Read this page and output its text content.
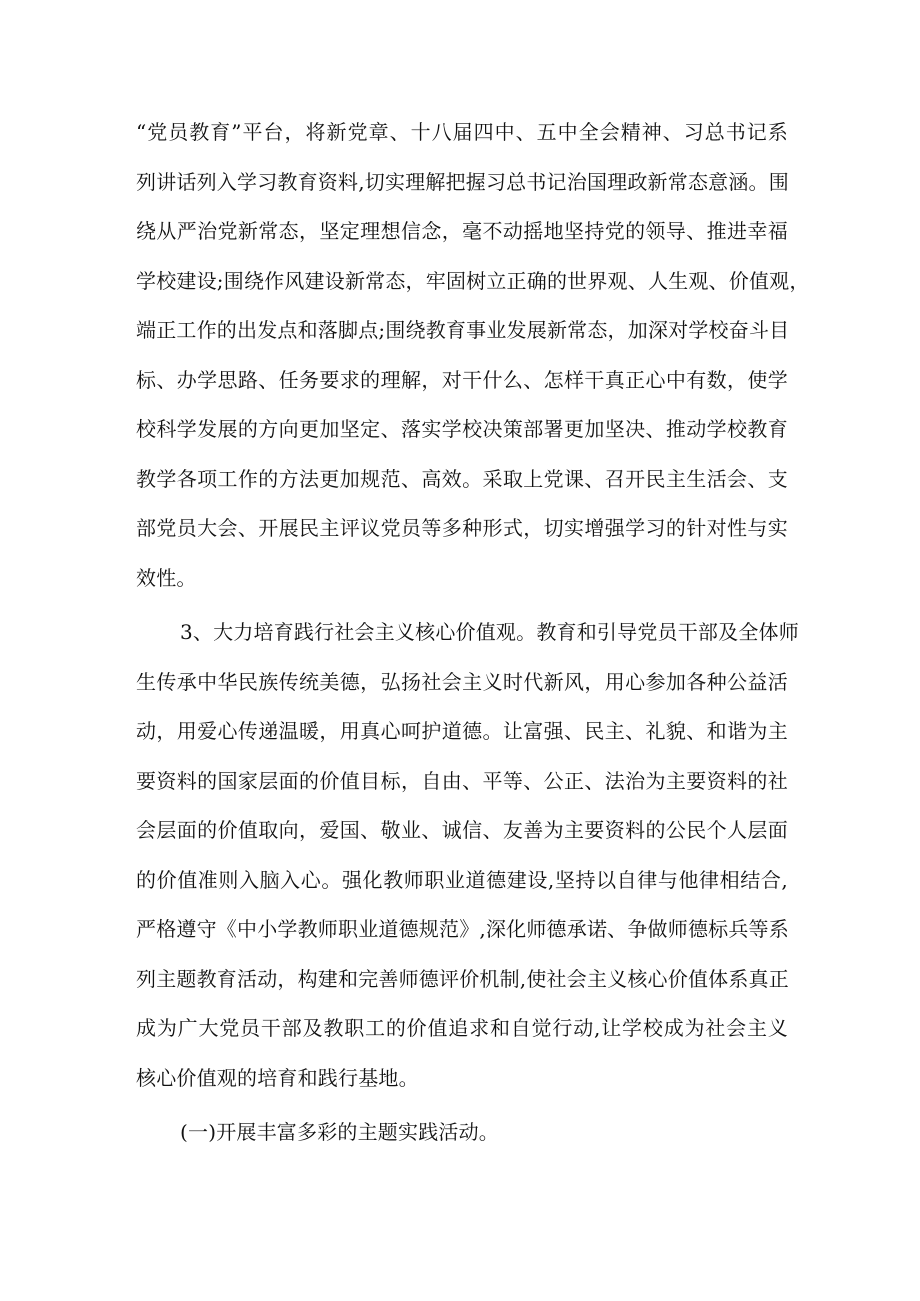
“党员教育”平台，将新党章、十八届四中、五中全会精神、习总书记系
列讲话列入学习教育资料,切实理解把握习总书记治国理政新常态意涵。围
绕从严治党新常态，坚定理想信念，毫不动摇地坚持党的领导、推进幸福
学校建设;围绕作风建设新常态，牢固树立正确的世界观、人生观、价值观，
端正工作的出发点和落脚点;围绕教育事业发展新常态，加深对学校奋斗目
标、办学思路、任务要求的理解，对干什么、怎样干真正心中有数，使学
校科学发展的方向更加坚定、落实学校决策部署更加坚决、推动学校教育
教学各项工作的方法更加规范、高效。采取上党课、召开民主生活会、支
部党员大会、开展民主评议党员等多种形式，切实增强学习的针对性与实
效性。
3、大力培育践行社会主义核心价值观。教育和引导党员干部及全体师
生传承中华民族传统美德，弘扬社会主义时代新风，用心参加各种公益活
动，用爱心传递温暖，用真心呵护道德。让富强、民主、礼貌、和谐为主
要资料的国家层面的价值目标，自由、平等、公正、法治为主要资料的社
会层面的价值取向，爱国、敬业、诚信、友善为主要资料的公民个人层面
的价值准则入脑入心。强化教师职业道德建设,坚持以自律与他律相结合,
严格遵守《中小学教师职业道德规范》,深化师德承诺、争做师德标兵等系
列主题教育活动，构建和完善师德评价机制,使社会主义核心价值体系真正
成为广大党员干部及教职工的价值追求和自觉行动,让学校成为社会主义
核心价值观的培育和践行基地。
(一)开展丰富多彩的主题实践活动。
